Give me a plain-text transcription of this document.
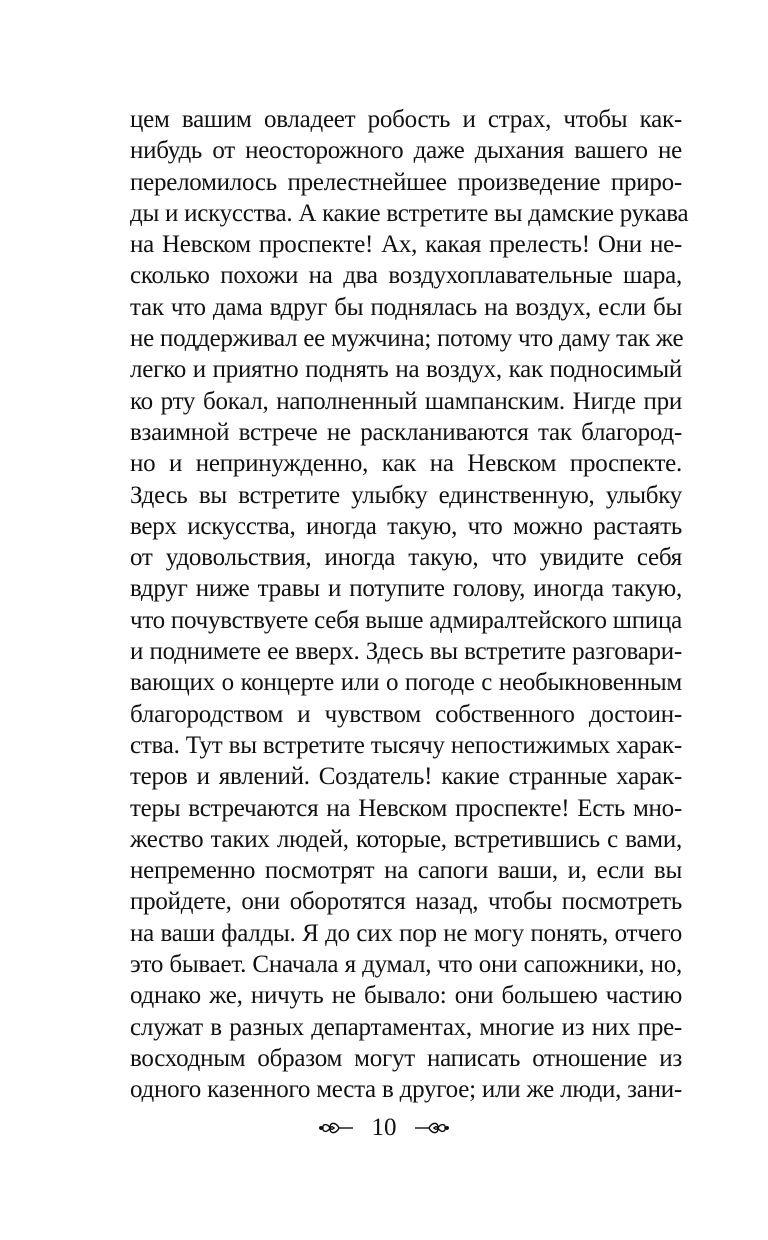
цем вашим овладеет робость и страх, чтобы как-
нибудь от неосторожного даже дыхания вашего не
переломилось прелестнейшее произведение приро-
ды и искусства. А какие встретите вы дамские рукава
на Невском проспекте! Ах, какая прелесть! Они не-
сколько похожи на два воздухоплавательные шара,
так что дама вдруг бы поднялась на воздух, если бы
не поддерживал ее мужчина; потому что даму так же
легко и приятно поднять на воздух, как подносимый
ко рту бокал, наполненный шампанским. Нигде при
взаимной встрече не раскланиваются так благород-
но и непринужденно, как на Невском проспекте.
Здесь вы встретите улыбку единственную, улыбку
верх искусства, иногда такую, что можно растаять
от удовольствия, иногда такую, что увидите себя
вдруг ниже травы и потупите голову, иногда такую,
что почувствуете себя выше адмиралтейского шпица
и поднимете ее вверх. Здесь вы встретите разговари-
вающих о концерте или о погоде с необыкновенным
благородством и чувством собственного достоин-
ства. Тут вы встретите тысячу непостижимых харак-
теров и явлений. Создатель! какие странные харак-
теры встречаются на Невском проспекте! Есть мно-
жество таких людей, которые, встретившись с вами,
непременно посмотрят на сапоги ваши, и, если вы
пройдете, они оборотятся назад, чтобы посмотреть
на ваши фалды. Я до сих пор не могу понять, отчего
это бывает. Сначала я думал, что они сапожники, но,
однако же, ничуть не бывало: они большею частию
служат в разных департаментах, многие из них пре-
восходным образом могут написать отношение из
одного казенного места в другое; или же люди, зани-
10
